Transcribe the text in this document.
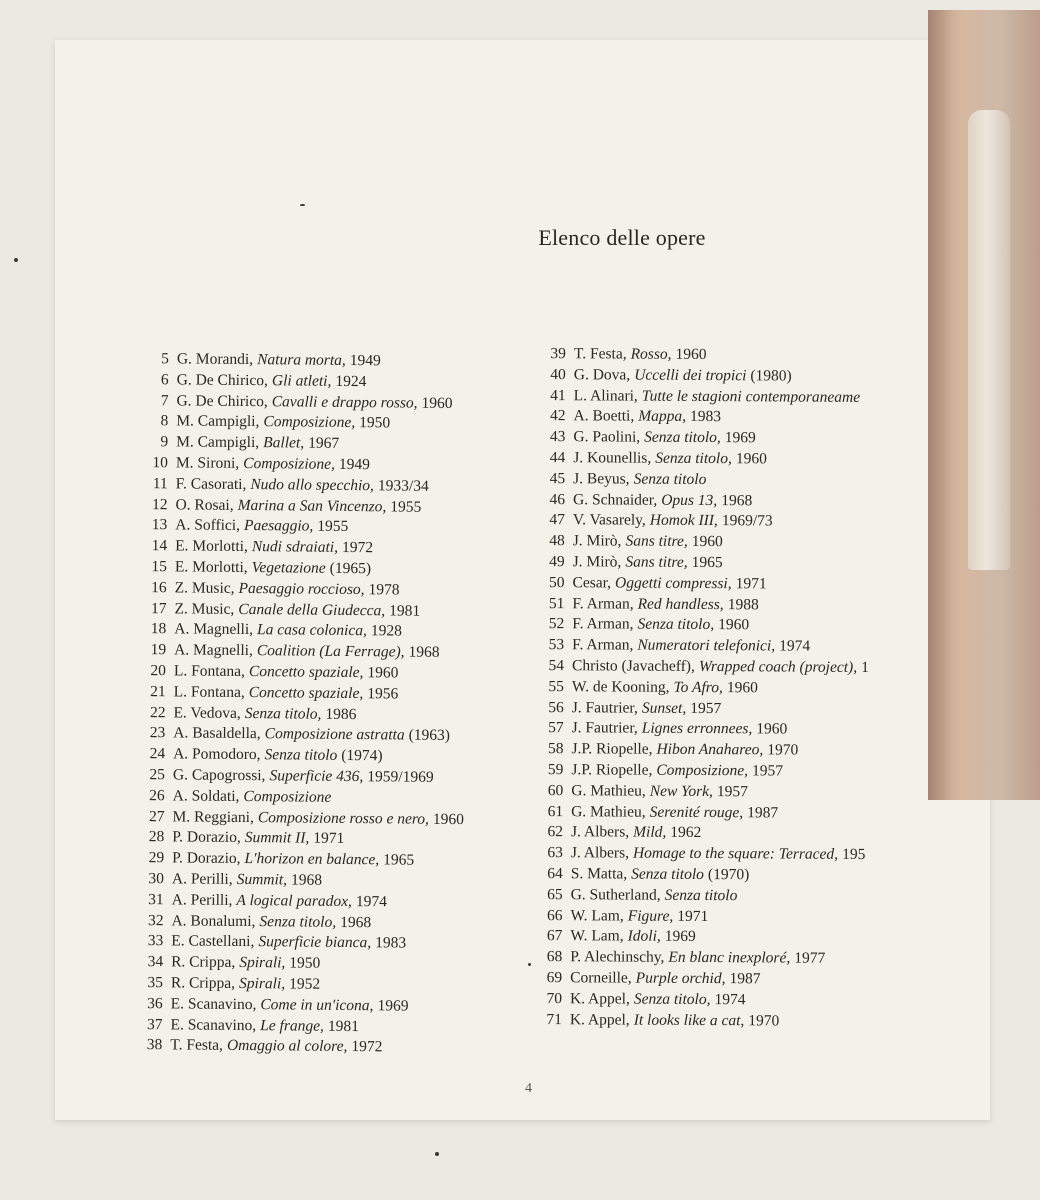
Elenco delle opere
5 G. Morandi, Natura morta, 1949
6 G. De Chirico, Gli atleti, 1924
7 G. De Chirico, Cavalli e drappo rosso, 1960
8 M. Campigli, Composizione, 1950
9 M. Campigli, Ballet, 1967
10 M. Sironi, Composizione, 1949
11 F. Casorati, Nudo allo specchio, 1933/34
12 O. Rosai, Marina a San Vincenzo, 1955
13 A. Soffici, Paesaggio, 1955
14 E. Morlotti, Nudi sdraiati, 1972
15 E. Morlotti, Vegetazione (1965)
16 Z. Music, Paesaggio roccioso, 1978
17 Z. Music, Canale della Giudecca, 1981
18 A. Magnelli, La casa colonica, 1928
19 A. Magnelli, Coalition (La Ferrage), 1968
20 L. Fontana, Concetto spaziale, 1960
21 L. Fontana, Concetto spaziale, 1956
22 E. Vedova, Senza titolo, 1986
23 A. Basaldella, Composizione astratta (1963)
24 A. Pomodoro, Senza titolo (1974)
25 G. Capogrossi, Superficie 436, 1959/1969
26 A. Soldati, Composizione
27 M. Reggiani, Composizione rosso e nero, 1960
28 P. Dorazio, Summit II, 1971
29 P. Dorazio, L'horizon en balance, 1965
30 A. Perilli, Summit, 1968
31 A. Perilli, A logical paradox, 1974
32 A. Bonalumi, Senza titolo, 1968
33 E. Castellani, Superficie bianca, 1983
34 R. Crippa, Spirali, 1950
35 R. Crippa, Spirali, 1952
36 E. Scanavino, Come in un'icona, 1969
37 E. Scanavino, Le frange, 1981
38 T. Festa, Omaggio al colore, 1972
39 T. Festa, Rosso, 1960
40 G. Dova, Uccelli dei tropici (1980)
41 L. Alinari, Tutte le stagioni contemporaneame
42 A. Boetti, Mappa, 1983
43 G. Paolini, Senza titolo, 1969
44 J. Kounellis, Senza titolo, 1960
45 J. Beyus, Senza titolo
46 G. Schnaider, Opus 13, 1968
47 V. Vasarely, Homok III, 1969/73
48 J. Mirò, Sans titre, 1960
49 J. Mirò, Sans titre, 1965
50 Cesar, Oggetti compressi, 1971
51 F. Arman, Red handless, 1988
52 F. Arman, Senza titolo, 1960
53 F. Arman, Numeratori telefonici, 1974
54 Christo (Javacheff), Wrapped coach (project), 1
55 W. de Kooning, To Afro, 1960
56 J. Fautrier, Sunset, 1957
57 J. Fautrier, Lignes erronnees, 1960
58 J.P. Riopelle, Hibon Anahareo, 1970
59 J.P. Riopelle, Composizione, 1957
60 G. Mathieu, New York, 1957
61 G. Mathieu, Serenité rouge, 1987
62 J. Albers, Mild, 1962
63 J. Albers, Homage to the square: Terraced, 195
64 S. Matta, Senza titolo (1970)
65 G. Sutherland, Senza titolo
66 W. Lam, Figure, 1971
67 W. Lam, Idoli, 1969
68 P. Alechinschy, En blanc inexploré, 1977
69 Corneille, Purple orchid, 1987
70 K. Appel, Senza titolo, 1974
71 K. Appel, It looks like a cat, 1970
4
